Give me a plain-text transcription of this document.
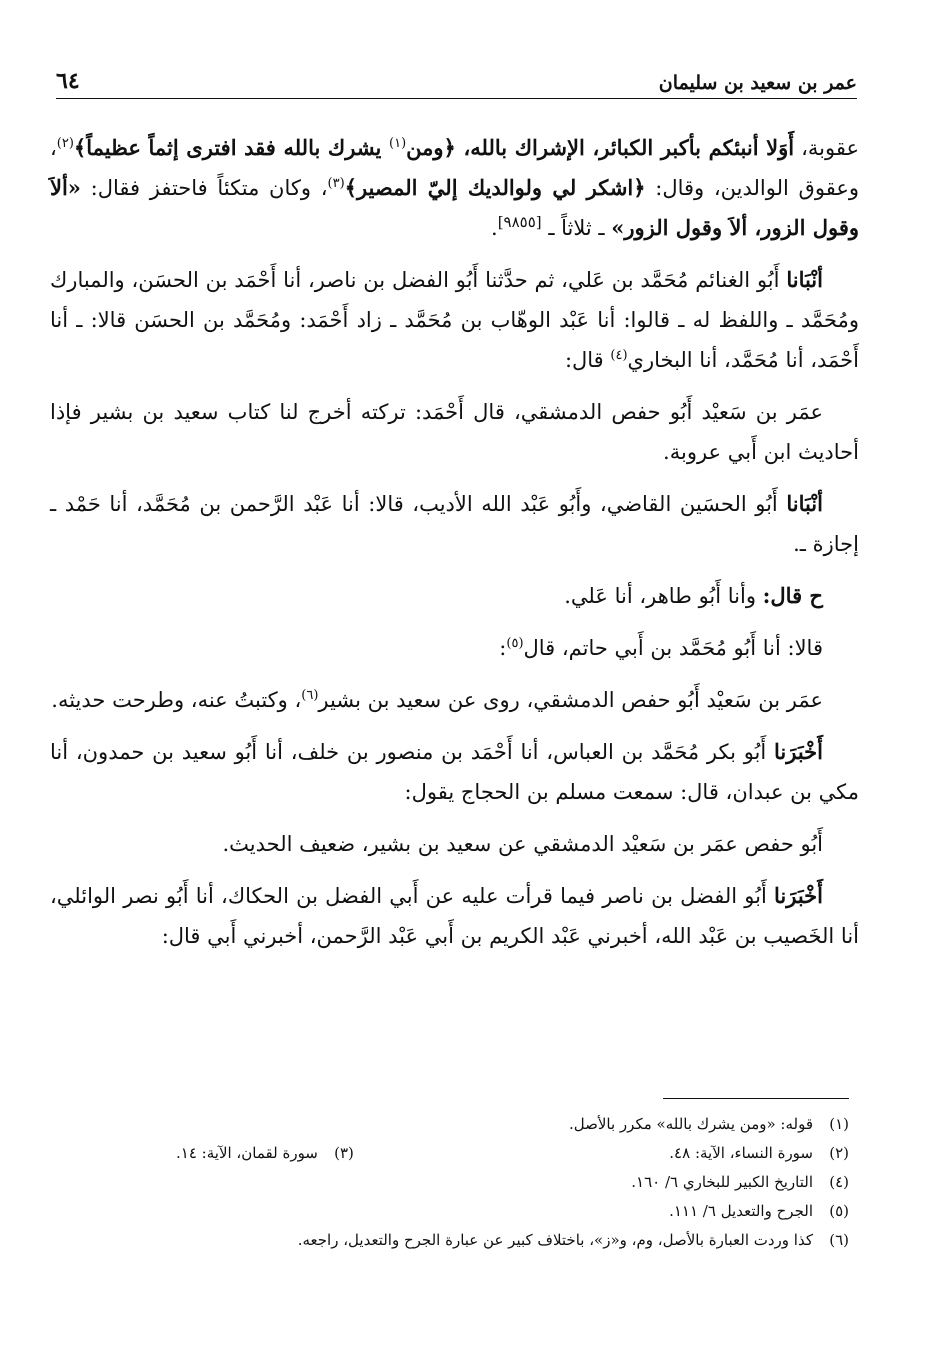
عمر بن سعيد بن سليمان
٦٤

عقوبة، أَوَلا أنبئكم بأكبر الكبائر، الإشراك بالله، ﴿ومن$^{(١)}$ يشرك بالله فقد افترى إثماً عظيماً﴾$^{(٢)}$، وعقوق الوالدين، وقال: ﴿اشكر لي ولوالديك إليّ المصير﴾$^{(٣)}$، وكان متكئاً فاحتفز فقال: «ألاَ وقول الزور، ألاَ وقول الزور» ـ ثلاثاً ـ [٩٨٥٥].

أنْبَانا أَبُو الغنائم مُحَمَّد بن عَلي، ثم حدَّثنا أَبُو الفضل بن ناصر، أنا أَحْمَد بن الحسَن، والمبارك ومُحَمَّد ـ واللفظ له ـ قالوا: أنا عَبْد الوهّاب بن مُحَمَّد ـ زاد أَحْمَد: ومُحَمَّد بن الحسَن قالا: ـ أنا أَحْمَد، أنا مُحَمَّد، أنا البخاري$^{(٤)}$ قال:

عمَر بن سَعيْد أَبُو حفص الدمشقي، قال أَحْمَد: تركته أخرج لنا كتاب سعيد بن بشير فإذا أحاديث ابن أَبي عروبة.

أنْبَانا أَبُو الحسَين القاضي، وأَبُو عَبْد الله الأديب، قالا: أنا عَبْد الرَّحمن بن مُحَمَّد، أنا حَمْد ـ إجازة ـ.

ح قال: وأنا أَبُو طاهر، أنا عَلي.

قالا: أنا أَبُو مُحَمَّد بن أَبي حاتم، قال$^{(٥)}$:

عمَر بن سَعيْد أَبُو حفص الدمشقي، روى عن سعيد بن بشير$^{(٦)}$، وكتبتُ عنه، وطرحت حديثه.

أَخْبَرَنا أَبُو بكر مُحَمَّد بن العباس، أنا أَحْمَد بن منصور بن خلف، أنا أَبُو سعيد بن حمدون، أنا مكي بن عبدان، قال: سمعت مسلم بن الحجاج يقول:

أَبُو حفص عمَر بن سَعيْد الدمشقي عن سعيد بن بشير، ضعيف الحديث.

أَخْبَرَنا أَبُو الفضل بن ناصر فيما قرأت عليه عن أَبي الفضل بن الحكاك، أنا أَبُو نصر الوائلي، أنا الخَصيب بن عَبْد الله، أخبرني عَبْد الكريم بن أَبي عَبْد الرَّحمن، أخبرني أَبي قال:

(١)
قوله: «ومن يشرك بالله» مكرر بالأصل.
(٢)
سورة النساء، الآية: ٤٨.
(٣)
سورة لقمان، الآية: ١٤.
(٤)
التاريخ الكبير للبخاري ٦/ ١٦٠.
(٥)
الجرح والتعديل ٦/ ١١١.
(٦)
كذا وردت العبارة بالأصل، وم، و«ز»، باختلاف كبير عن عبارة الجرح والتعديل، راجعه.
